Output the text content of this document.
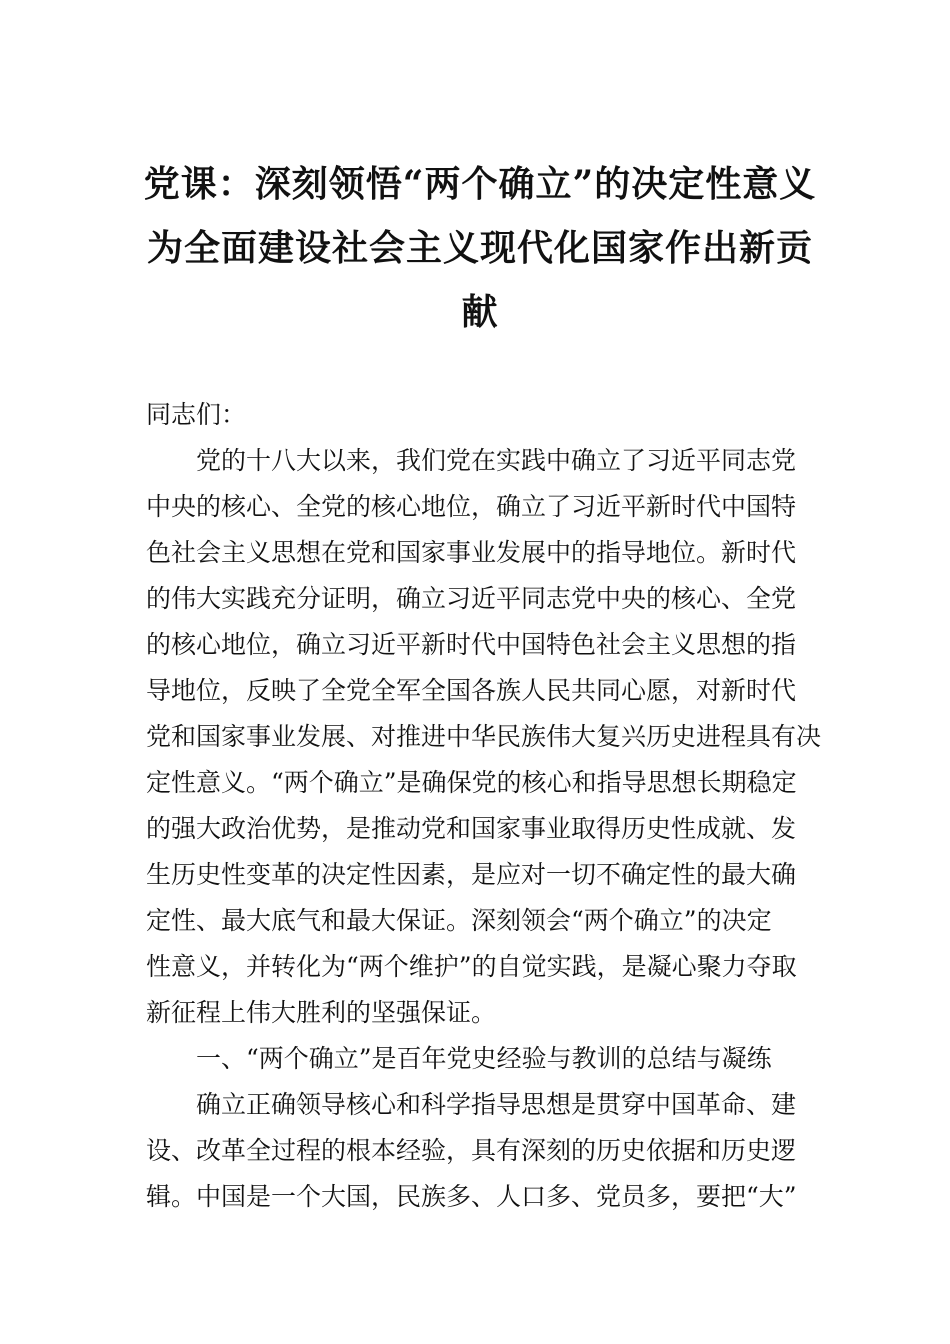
党课：深刻领悟“两个确立”的决定性意义
为全面建设社会主义现代化国家作出新贡
献
同志们：
党的十八大以来，我们党在实践中确立了习近平同志党
中央的核心、全党的核心地位，确立了习近平新时代中国特
色社会主义思想在党和国家事业发展中的指导地位。新时代
的伟大实践充分证明，确立习近平同志党中央的核心、全党
的核心地位，确立习近平新时代中国特色社会主义思想的指
导地位，反映了全党全军全国各族人民共同心愿，对新时代
党和国家事业发展、对推进中华民族伟大复兴历史进程具有决
定性意义。“两个确立”是确保党的核心和指导思想长期稳定
的强大政治优势，是推动党和国家事业取得历史性成就、发
生历史性变革的决定性因素，是应对一切不确定性的最大确
定性、最大底气和最大保证。深刻领会“两个确立”的决定
性意义，并转化为“两个维护”的自觉实践，是凝心聚力夺取
新征程上伟大胜利的坚强保证。
一、“两个确立”是百年党史经验与教训的总结与凝练
确立正确领导核心和科学指导思想是贯穿中国革命、建
设、改革全过程的根本经验，具有深刻的历史依据和历史逻
辑。中国是一个大国，民族多、人口多、党员多，要把“大”
